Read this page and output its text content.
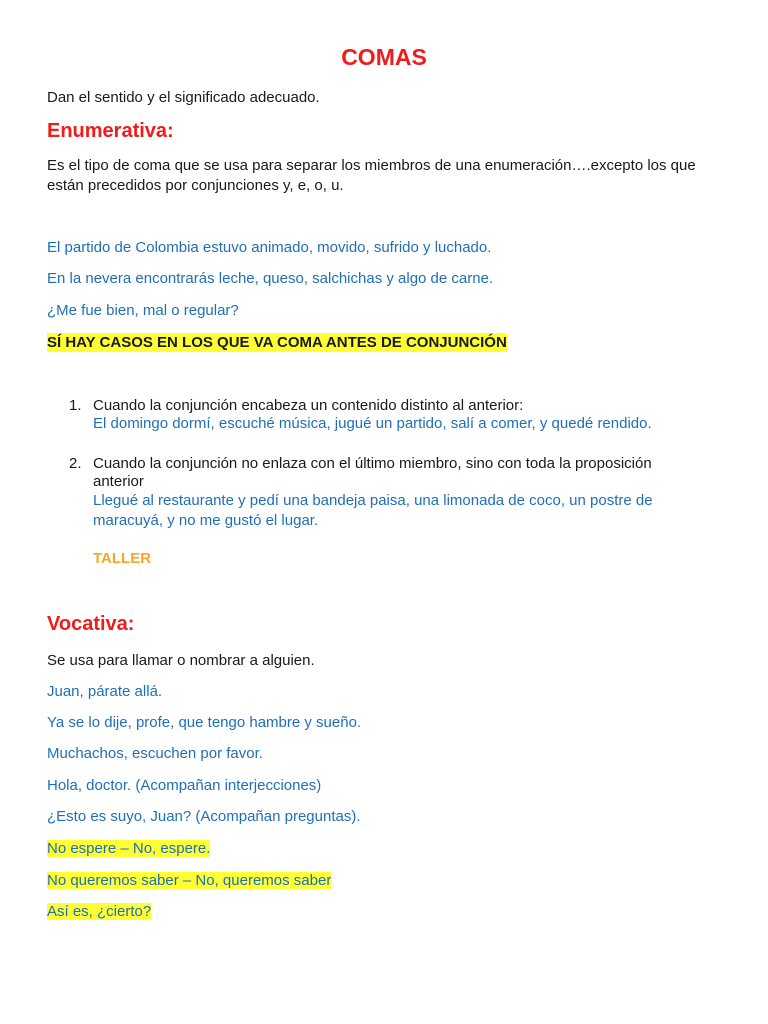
COMAS
Dan el sentido y el significado adecuado.
Enumerativa:
Es el tipo de coma que se usa para separar los miembros de una enumeración….excepto los que
están precedidos por conjunciones y, e, o, u.
El partido de Colombia estuvo animado, movido, sufrido y luchado.
En la nevera encontrarás leche, queso, salchichas y algo de carne.
¿Me fue bien, mal o regular?
SÍ HAY CASOS EN LOS QUE VA COMA ANTES DE CONJUNCIÓN
1. Cuando la conjunción encabeza un contenido distinto al anterior:
El domingo dormí, escuché música, jugué un partido, salí a comer, y quedé rendido.
2. Cuando la conjunción no enlaza con el último miembro, sino con toda la proposición
anterior
Llegué al restaurante y pedí una bandeja paisa, una limonada de coco, un postre de
maracuyá, y no me gustó el lugar.
TALLER
Vocativa:
Se usa para llamar o nombrar a alguien.
Juan, párate allá.
Ya se lo dije, profe, que tengo hambre y sueño.
Muchachos, escuchen por favor.
Hola, doctor. (Acompañan interjecciones)
¿Esto es suyo, Juan? (Acompañan preguntas).
No espere – No, espere.
No queremos saber – No, queremos saber
Así es, ¿cierto?
